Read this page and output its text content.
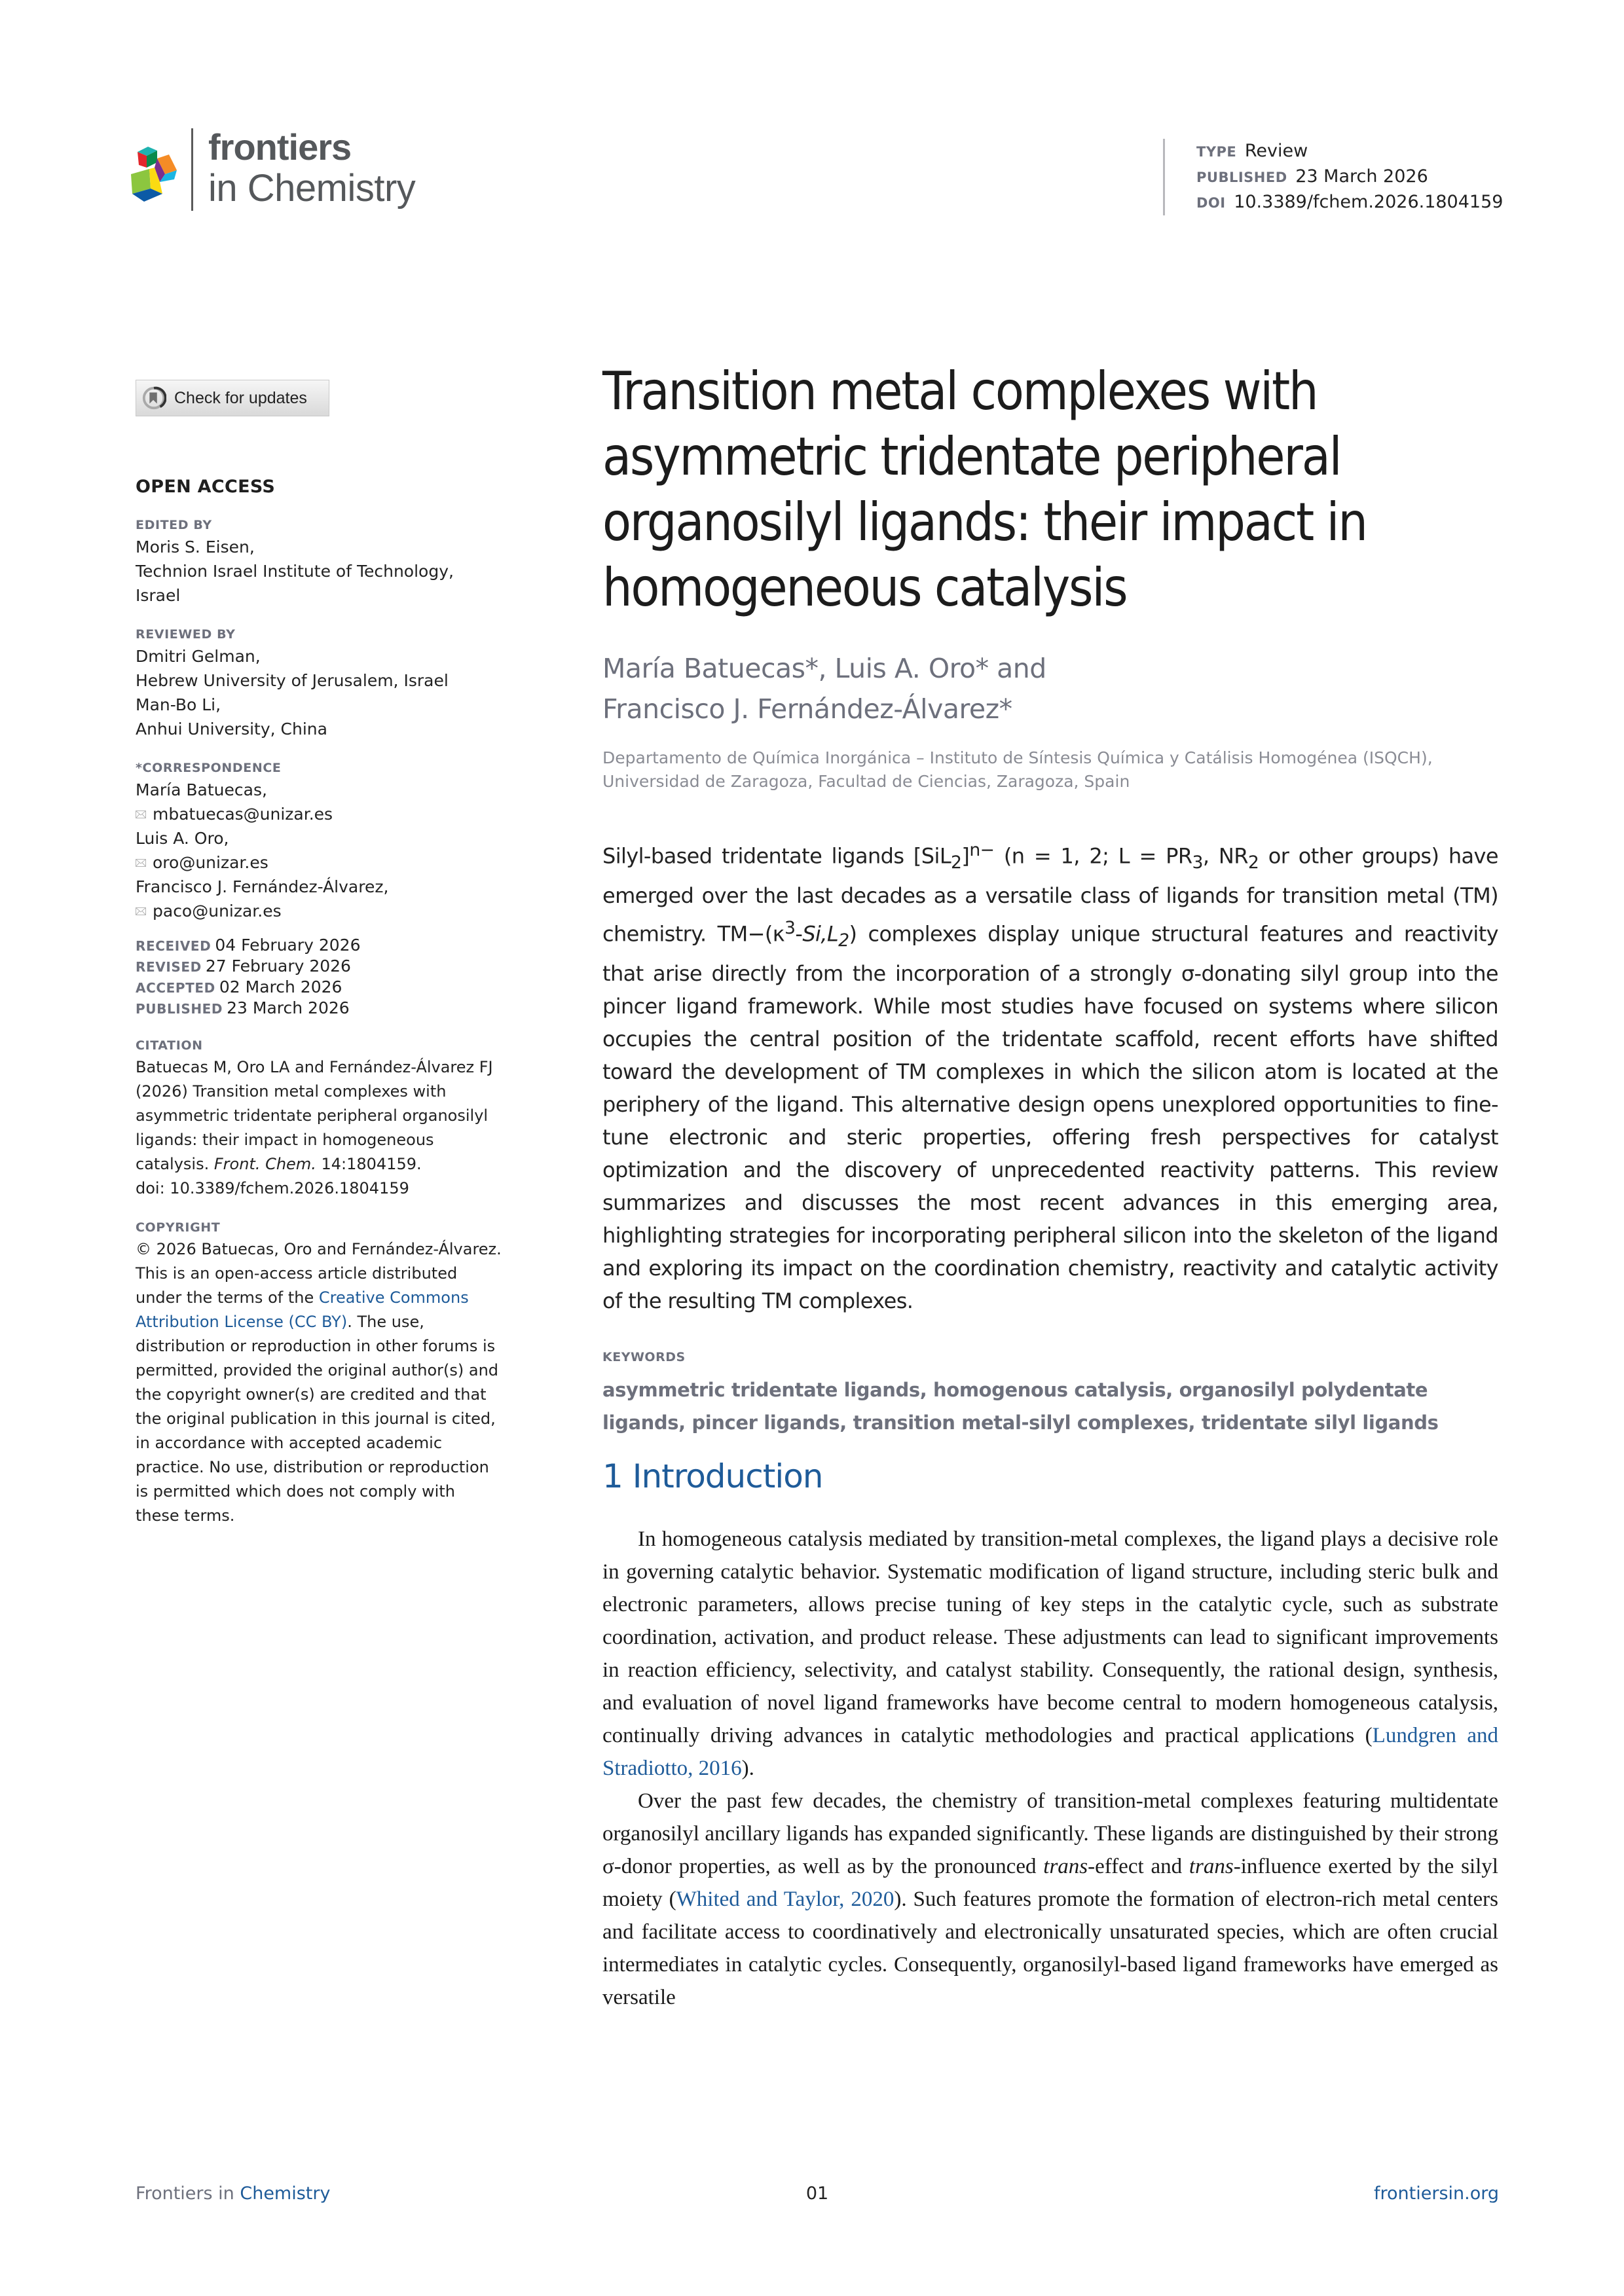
frontiers
in Chemistry
TYPE Review
PUBLISHED 23 March 2026
DOI 10.3389/fchem.2026.1804159
Check for updates
OPEN ACCESS
EDITED BY
Moris S. Eisen,
Technion Israel Institute of Technology,
Israel
REVIEWED BY
Dmitri Gelman,
Hebrew University of Jerusalem, Israel
Man-Bo Li,
Anhui University, China
*CORRESPONDENCE
María Batuecas,
mbatuecas@unizar.es
Luis A. Oro,
oro@unizar.es
Francisco J. Fernández-Álvarez,
paco@unizar.es
RECEIVED 04 February 2026
REVISED 27 February 2026
ACCEPTED 02 March 2026
PUBLISHED 23 March 2026
CITATION
Batuecas M, Oro LA and Fernández-Álvarez FJ (2026) Transition metal complexes with asymmetric tridentate peripheral organosilyl ligands: their impact in homogeneous catalysis. Front. Chem. 14:1804159.
doi: 10.3389/fchem.2026.1804159
COPYRIGHT
© 2026 Batuecas, Oro and Fernández-Álvarez. This is an open-access article distributed under the terms of the Creative Commons Attribution License (CC BY). The use, distribution or reproduction in other forums is permitted, provided the original author(s) and the copyright owner(s) are credited and that the original publication in this journal is cited, in accordance with accepted academic practice. No use, distribution or reproduction is permitted which does not comply with these terms.
Transition metal complexes with asymmetric tridentate peripheral organosilyl ligands: their impact in homogeneous catalysis
María Batuecas*, Luis A. Oro* and
Francisco J. Fernández-Álvarez*
Departamento de Química Inorgánica – Instituto de Síntesis Química y Catálisis Homogénea (ISQCH), Universidad de Zaragoza, Facultad de Ciencias, Zaragoza, Spain
Silyl-based tridentate ligands $[SiL_2]^{n-}$ (n = 1, 2; $L = PR_3$, $NR_2$ or other groups) have emerged over the last decades as a versatile class of ligands for transition metal (TM) chemistry. $TM-(\kappa^3-Si,L_2)$ complexes display unique structural features and reactivity that arise directly from the incorporation of a strongly σ-donating silyl group into the pincer ligand framework. While most studies have focused on systems where silicon occupies the central position of the tridentate scaffold, recent efforts have shifted toward the development of TM complexes in which the silicon atom is located at the periphery of the ligand. This alternative design opens unexplored opportunities to fine-tune electronic and steric properties, offering fresh perspectives for catalyst optimization and the discovery of unprecedented reactivity patterns. This review summarizes and discusses the most recent advances in this emerging area, highlighting strategies for incorporating peripheral silicon into the skeleton of the ligand and exploring its impact on the coordination chemistry, reactivity and catalytic activity of the resulting TM complexes.
KEYWORDS
asymmetric tridentate ligands, homogenous catalysis, organosilyl polydentate ligands, pincer ligands, transition metal-silyl complexes, tridentate silyl ligands
1 Introduction

In homogeneous catalysis mediated by transition-metal complexes, the ligand plays a decisive role in governing catalytic behavior. Systematic modification of ligand structure, including steric bulk and electronic parameters, allows precise tuning of key steps in the catalytic cycle, such as substrate coordination, activation, and product release. These adjustments can lead to significant improvements in reaction efficiency, selectivity, and catalyst stability. Consequently, the rational design, synthesis, and evaluation of novel ligand frameworks have become central to modern homogeneous catalysis, continually driving advances in catalytic methodologies and practical applications (Lundgren and Stradiotto, 2016).

Over the past few decades, the chemistry of transition-metal complexes featuring multidentate organosilyl ancillary ligands has expanded significantly. These ligands are distinguished by their strong σ-donor properties, as well as by the pronounced trans-effect and trans-influence exerted by the silyl moiety (Whited and Taylor, 2020). Such features promote the formation of electron-rich metal centers and facilitate access to coordinatively and electronically unsaturated species, which are often crucial intermediates in catalytic cycles. Consequently, organosilyl-based ligand frameworks have emerged as versatile

Frontiers in Chemistry	01	frontiersin.org
